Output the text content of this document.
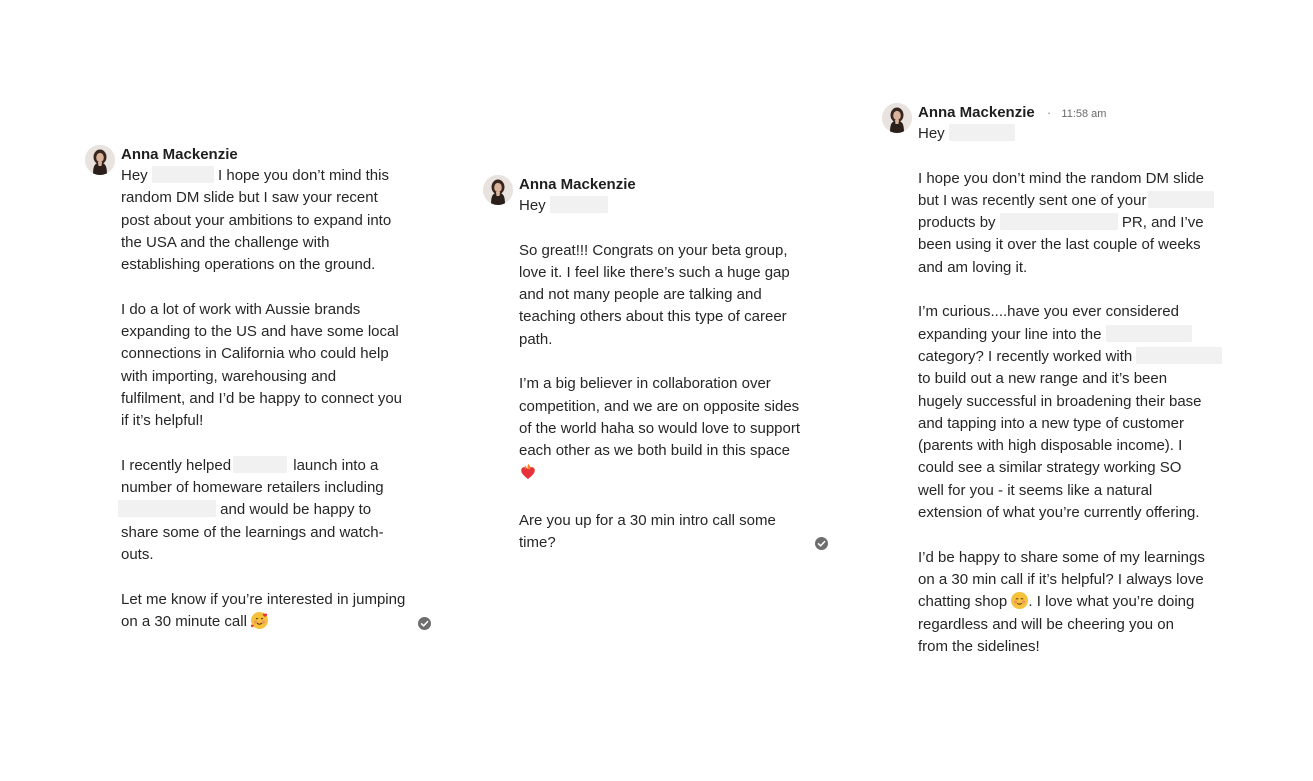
Anna Mackenzie

Hey	I hope you don’t mind this

random DM slide but I saw your recent

post about your ambitions to expand into

the USA and the challenge with

establishing operations on the ground.

I do a lot of work with Aussie brands

expanding to the US and have some local

connections in California who could help

with importing, warehousing and

fulfilment, and I’d be happy to connect you

if it’s helpful!

I recently helped	launch into a

number of homeware retailers including

and would be happy to

share some of the learnings and watch-

outs.

Let me know if you’re interested in jumping

on a 30 minute call

Anna Mackenzie

Hey

So great!!! Congrats on your beta group,

love it. I feel like there’s such a huge gap

and not many people are talking and

teaching others about this type of career

path.

I’m a big believer in collaboration over

competition, and we are on opposite sides

of the world haha so would love to support

each other as we both build in this space

Are you up for a 30 min intro call some

time?

Anna Mackenzie · 11:58 am

Hey

I hope you don’t mind the random DM slide

but I was recently sent one of your

products by	PR, and I’ve

been using it over the last couple of weeks

and am loving it.

I’m curious....have you ever considered

expanding your line into the

category? I recently worked with

to build out a new range and it’s been

hugely successful in broadening their base

and tapping into a new type of customer

(parents with high disposable income). I

could see a similar strategy working SO

well for you - it seems like a natural

extension of what you’re currently offering.

I’d be happy to share some of my learnings

on a 30 min call if it’s helpful? I always love

chatting shop . I love what you’re doing

regardless and will be cheering you on

from the sidelines!
